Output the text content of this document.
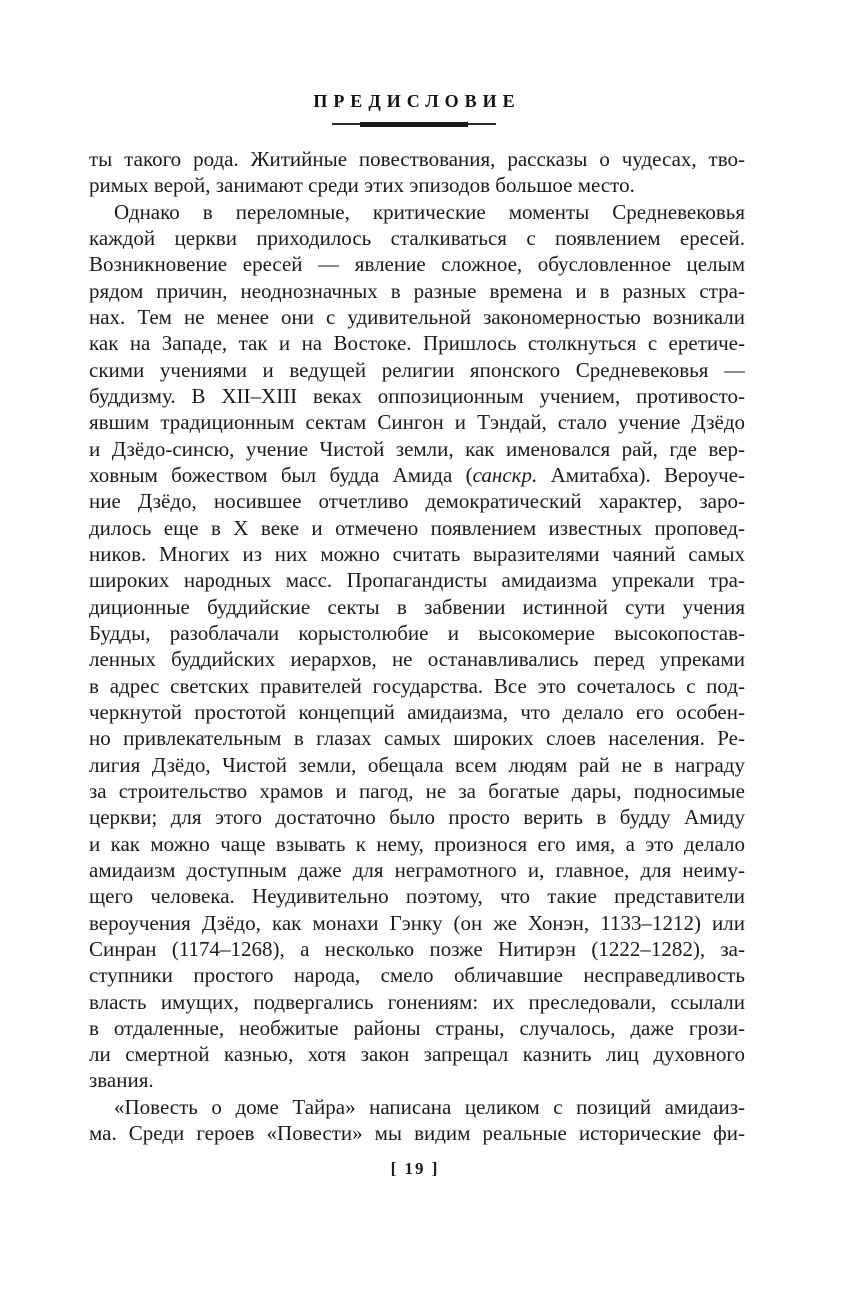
ПРЕДИСЛОВИЕ
ты такого рода. Житийные повествования, рассказы о чудесах, тво-
римых верой, занимают среди этих эпизодов большое место.
Однако в переломные, критические моменты Средневековья
каждой церкви приходилось сталкиваться с появлением ересей.
Возникновение ересей — явление сложное, обусловленное целым
рядом причин, неоднозначных в разные времена и в разных стра-
нах. Тем не менее они с удивительной закономерностью возникали
как на Западе, так и на Востоке. Пришлось столкнуться с еретиче-
скими учениями и ведущей религии японского Средневековья —
буддизму. В XII–XIII веках оппозиционным учением, противосто-
явшим традиционным сектам Сингон и Тэндай, стало учение Дзёдо
и Дзёдо-синсю, учение Чистой земли, как именовался рай, где вер-
ховным божеством был будда Амида (санскр. Амитабха). Вероуче-
ние Дзёдо, носившее отчетливо демократический характер, заро-
дилось еще в X веке и отмечено появлением известных проповед-
ников. Многих из них можно считать выразителями чаяний самых
широких народных масс. Пропагандисты амидаизма упрекали тра-
диционные буддийские секты в забвении истинной сути учения
Будды, разоблачали корыстолюбие и высокомерие высокопостав-
ленных буддийских иерархов, не останавливались перед упреками
в адрес светских правителей государства. Все это сочеталось с под-
черкнутой простотой концепций амидаизма, что делало его особен-
но привлекательным в глазах самых широких слоев населения. Ре-
лигия Дзёдо, Чистой земли, обещала всем людям рай не в награду
за строительство храмов и пагод, не за богатые дары, подносимые
церкви; для этого достаточно было просто верить в будду Амиду
и как можно чаще взывать к нему, произнося его имя, а это делало
амидаизм доступным даже для неграмотного и, главное, для неиму-
щего человека. Неудивительно поэтому, что такие представители
вероучения Дзёдо, как монахи Гэнку (он же Хонэн, 1133–1212) или
Синран (1174–1268), а несколько позже Нитирэн (1222–1282), за-
ступники простого народа, смело обличавшие несправедливость
власть имущих, подвергались гонениям: их преследовали, ссылали
в отдаленные, необжитые районы страны, случалось, даже грози-
ли смертной казнью, хотя закон запрещал казнить лиц духовного
звания.
«Повесть о доме Тайра» написана целиком с позиций амидаиз-
ма. Среди героев «Повести» мы видим реальные исторические фи-
[ 19 ]
